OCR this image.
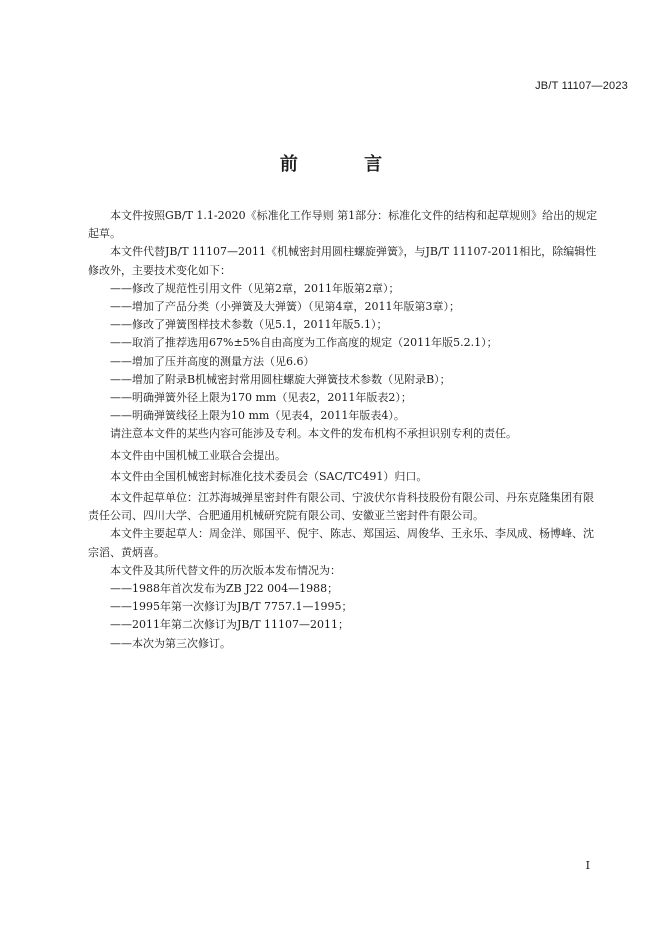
JB/T 11107—2023
前 言

本文件按照GB/T 1.1-2020《标准化工作导则 第1部分：标准化文件的结构和起草规则》给出的规定起草。

本文件代替JB/T 11107—2011《机械密封用圆柱螺旋弹簧》，与JB/T 11107-2011相比，除编辑性修改外，主要技术变化如下：

——修改了规范性引用文件（见第2章，2011年版第2章）；

——增加了产品分类（小弹簧及大弹簧）（见第4章，2011年版第3章）；

——修改了弹簧图样技术参数（见5.1，2011年版5.1）；

——取消了推荐选用67%±5%自由高度为工作高度的规定（2011年版5.2.1）；

——增加了压并高度的测量方法（见6.6）

——增加了附录B机械密封常用圆柱螺旋大弹簧技术参数（见附录B）；

——明确弹簧外径上限为170 mm（见表2，2011年版表2）；

——明确弹簧线径上限为10 mm（见表4，2011年版表4）。

请注意本文件的某些内容可能涉及专利。本文件的发布机构不承担识别专利的责任。

本文件由中国机械工业联合会提出。

本文件由全国机械密封标准化技术委员会（SAC/TC491）归口。

本文件起草单位：江苏海城弹星密封件有限公司、宁波伏尔肯科技股份有限公司、丹东克隆集团有限责任公司、四川大学、合肥通用机械研究院有限公司、安徽亚兰密封件有限公司。

本文件主要起草人：周金洋、郧国平、倪宇、陈志、郑国运、周俊华、王永乐、李凤成、杨博峰、沈宗滔、黄炳喜。

本文件及其所代替文件的历次版本发布情况为：

——1988年首次发布为ZB J22 004—1988；

——1995年第一次修订为JB/T 7757.1—1995；

——2011年第二次修订为JB/T 11107—2011；

——本次为第三次修订。

I
